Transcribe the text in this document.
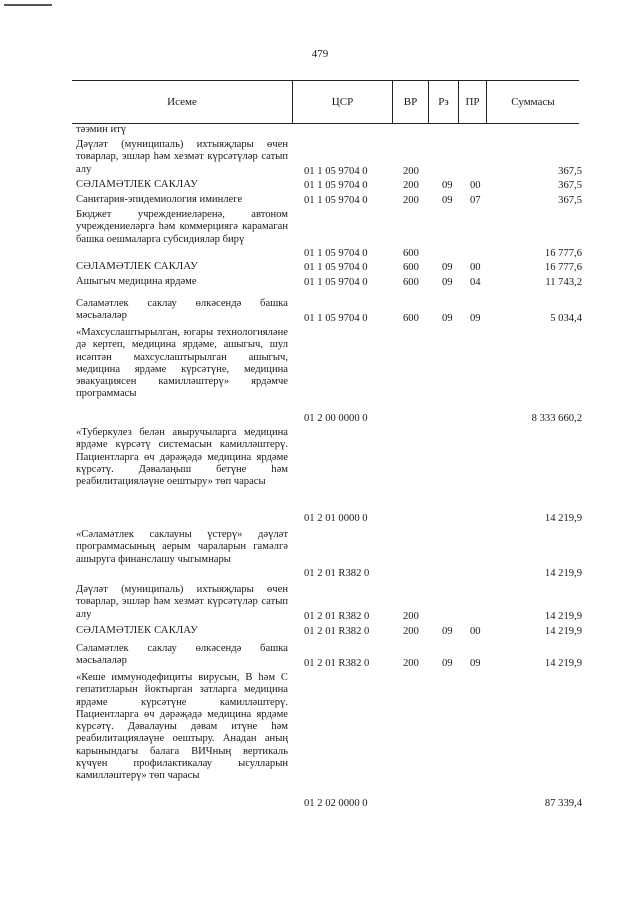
479
Исеме	ЦСР	ВР	Рз	ПР	Суммасы
тәэмин итү
Дәүләт (муниципаль) ихтыяҗлары өчен товарлар, эшләр һәм хезмәт күрсәтүләр сатып алу	01 1 05 9704 0	200	367,5
СӘЛАМӘТЛЕК САКЛАУ	01 1 05 9704 0	200 09 00	367,5
Санитария-эпидемиология иминлеге	01 1 05 9704 0	200 09 07	367,5
Бюджет учреждениеләренә, автоном учреждениеләргә һәм коммерциягә карамаган башка оешмаларга субсидияләр бирү
01 1 05 9704 0	600	16 777,6
СӘЛАМӘТЛЕК САКЛАУ	01 1 05 9704 0	600 09 00	16 777,6
Ашыгыч медицина ярдәме	01 1 05 9704 0	600 09 04	11 743,2
Сәламәтлек саклау өлкәсендә башка мәсьәләләр	01 1 05 9704 0	600 09 09	5 034,4
«Махсуслаштырылган, югары технологияләне дә кертеп, медицина ярдәме, ашыгыч, шул исәптән махсуслаштырылган ашыгыч, медицина ярдәме күрсәтүне, медицина эвакуациясен камилләштерү» ярдәмче программасы
01 2 00 0000 0	8 333 660,2
«Туберкулез белән авыручыларга медицина ярдәме күрсәтү системасын камилләштерү. Пациентларга өч дәрәҗәдә медицина ярдәме күрсәтү. Дәвалаңыш бетүне һәм реабилитациялəүне оештыру» төп чарасы
01 2 01 0000 0	14 219,9
«Сәламәтлек саклауны үстерү» дәүләт программасының аерым чараларын гамәлгә ашыруга финанслашу чыгымнары
01 2 01 R382 0	14 219,9
Дәүләт (муниципаль) ихтыяҗлары өчен товарлар, эшләр һәм хезмәт күрсәтүләр сатып алу	01 2 01 R382 0	200	14 219,9
СӘЛАМӘТЛЕК САКЛАУ	01 2 01 R382 0	200 09 00	14 219,9
Сәламәтлек саклау өлкәсендә башка мәсьәләләр	01 2 01 R382 0	200 09 09	14 219,9
«Кеше иммунодефициты вирусын, В һәм С гепатитларын йоктырган затларга медицина ярдәме күрсәтүне камилләштерү. Пациентларга өч дәрәҗәдә медицина ярдәме күрсәтү. Дәвалауны дәвам итүне һәм реабилитацияләүне оештыру. Анадан аның карынындагы балага ВИЧның вертикаль күчүен профилактикалау ысулларын камилләштерү» төп чарасы
01 2 02 0000 0	87 339,4
